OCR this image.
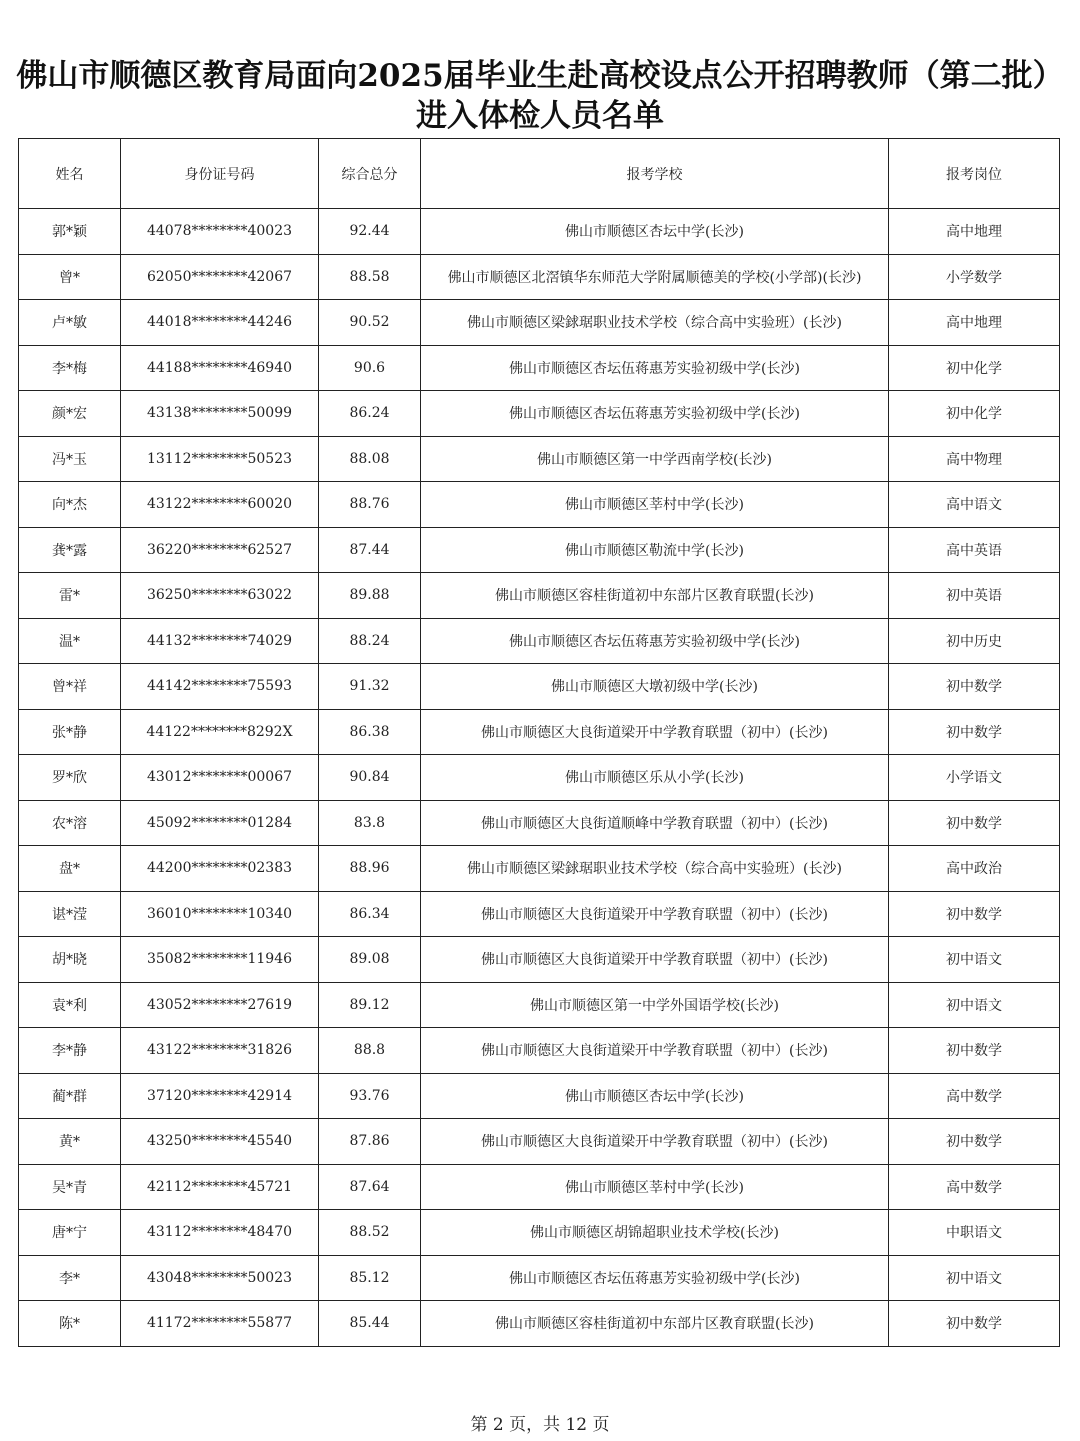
佛山市顺德区教育局面向2025届毕业生赴高校设点公开招聘教师（第二批）
进入体检人员名单
姓名	身份证号码	综合总分	报考学校	报考岗位
郭*颖	44078********40023	92.44	佛山市顺德区杏坛中学(长沙)	高中地理
曾*	62050********42067	88.58	佛山市顺德区北滘镇华东师范大学附属顺德美的学校(小学部)(长沙)	小学数学
卢*敏	44018********44246	90.52	佛山市顺德区梁銶琚职业技术学校（综合高中实验班）(长沙)	高中地理
李*梅	44188********46940	90.6	佛山市顺德区杏坛伍蒋惠芳实验初级中学(长沙)	初中化学
颜*宏	43138********50099	86.24	佛山市顺德区杏坛伍蒋惠芳实验初级中学(长沙)	初中化学
冯*玉	13112********50523	88.08	佛山市顺德区第一中学西南学校(长沙)	高中物理
向*杰	43122********60020	88.76	佛山市顺德区莘村中学(长沙)	高中语文
龚*露	36220********62527	87.44	佛山市顺德区勒流中学(长沙)	高中英语
雷*	36250********63022	89.88	佛山市顺德区容桂街道初中东部片区教育联盟(长沙)	初中英语
温*	44132********74029	88.24	佛山市顺德区杏坛伍蒋惠芳实验初级中学(长沙)	初中历史
曾*祥	44142********75593	91.32	佛山市顺德区大墩初级中学(长沙)	初中数学
张*静	44122********8292X	86.38	佛山市顺德区大良街道梁开中学教育联盟（初中）(长沙)	初中数学
罗*欣	43012********00067	90.84	佛山市顺德区乐从小学(长沙)	小学语文
农*溶	45092********01284	83.8	佛山市顺德区大良街道顺峰中学教育联盟（初中）(长沙)	初中数学
盘*	44200********02383	88.96	佛山市顺德区梁銶琚职业技术学校（综合高中实验班）(长沙)	高中政治
谌*滢	36010********10340	86.34	佛山市顺德区大良街道梁开中学教育联盟（初中）(长沙)	初中数学
胡*晓	35082********11946	89.08	佛山市顺德区大良街道梁开中学教育联盟（初中）(长沙)	初中语文
袁*利	43052********27619	89.12	佛山市顺德区第一中学外国语学校(长沙)	初中语文
李*静	43122********31826	88.8	佛山市顺德区大良街道梁开中学教育联盟（初中）(长沙)	初中数学
蔺*群	37120********42914	93.76	佛山市顺德区杏坛中学(长沙)	高中数学
黄*	43250********45540	87.86	佛山市顺德区大良街道梁开中学教育联盟（初中）(长沙)	初中数学
吴*青	42112********45721	87.64	佛山市顺德区莘村中学(长沙)	高中数学
唐*宁	43112********48470	88.52	佛山市顺德区胡锦超职业技术学校(长沙)	中职语文
李*	43048********50023	85.12	佛山市顺德区杏坛伍蒋惠芳实验初级中学(长沙)	初中语文
陈*	41172********55877	85.44	佛山市顺德区容桂街道初中东部片区教育联盟(长沙)	初中数学
第 2 页，共 12 页
